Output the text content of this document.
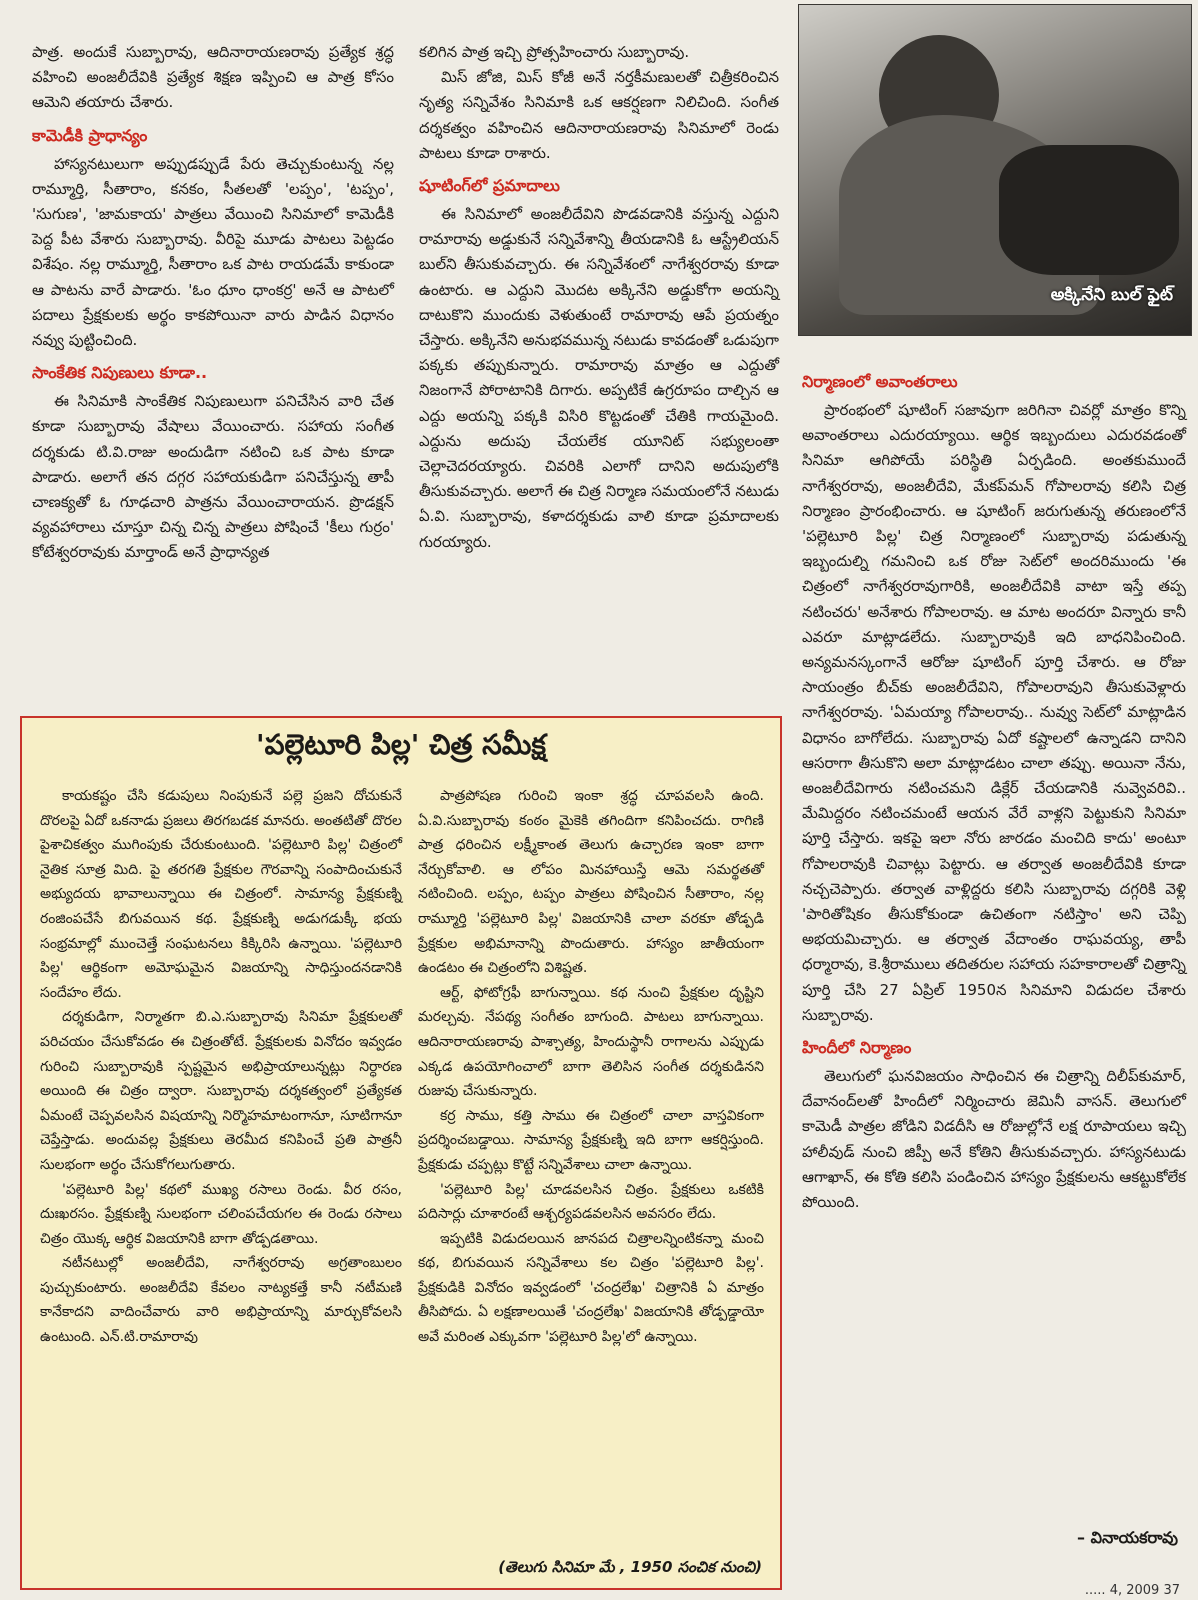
పాత్ర. అందుకే సుబ్బారావు, ఆదినారాయణరావు ప్రత్యేక శ్రద్ధ వహించి అంజలీదేవికి ప్రత్యేక శిక్షణ ఇప్పించి ఆ పాత్ర కోసం ఆమెని తయారు చేశారు.

కామెడీకి ప్రాధాన్యం

హాస్యనటులుగా అప్పుడప్పుడే పేరు తెచ్చుకుంటున్న నల్ల రామ్మూర్తి, సీతారాం, కనకం, సీతలతో 'లప్పం', 'టప్పం', 'సుగుణ', 'జామకాయ' పాత్రలు వేయించి సినిమాలో కామెడీకి పెద్ద పీట వేశారు సుబ్బారావు. వీరిపై మూడు పాటలు పెట్టడం విశేషం. నల్ల రామ్మూర్తి, సీతారాం ఒక పాట రాయడమే కాకుండా ఆ పాటను వారే పాడారు. 'ఓం ధూం ధాంకర్ర' అనే ఆ పాటలో పదాలు ప్రేక్షకులకు అర్థం కాకపోయినా వారు పాడిన విధానం నవ్వు పుట్టించింది.

సాంకేతిక నిపుణులు కూడా..

ఈ సినిమాకి సాంకేతిక నిపుణులుగా పనిచేసిన వారి చేత కూడా సుబ్బారావు వేషాలు వేయించారు. సహాయ సంగీత దర్శకుడు టి.వి.రాజు అందుడిగా నటించి ఒక పాట కూడా పాడారు. అలాగే తన దగ్గర సహాయకుడిగా పనిచేస్తున్న తాపీ చాణక్యతో ఓ గూఢచారి పాత్రను వేయించారాయన. ప్రొడక్షన్ వ్యవహారాలు చూస్తూ చిన్న చిన్న పాత్రలు పోషించే 'కీలు గుర్రం' కోటేశ్వరరావుకు మార్తాండ్ అనే ప్రాధాన్యత

కలిగిన పాత్ర ఇచ్చి ప్రోత్సహించారు సుబ్బారావు.

మిస్ జోజి, మిస్ కోజీ అనే నర్తకీమణులతో చిత్రీకరించిన నృత్య సన్నివేశం సినిమాకి ఒక ఆకర్షణగా నిలిచింది. సంగీత దర్శకత్వం వహించిన ఆదినారాయణరావు సినిమాలో రెండు పాటలు కూడా రాశారు.

షూటింగ్‌లో ప్రమాదాలు

ఈ సినిమాలో అంజలీదేవిని పొడవడానికి వస్తున్న ఎద్దుని రామారావు అడ్డుకునే సన్నివేశాన్ని తీయడానికి ఓ ఆస్ట్రేలియన్ బుల్‌ని తీసుకువచ్చారు. ఈ సన్నివేశంలో నాగేశ్వరరావు కూడా ఉంటారు. ఆ ఎద్దుని మొదట అక్కినేని అడ్డుకోగా అయన్ని దాటుకొని ముందుకు వెళుతుంటే రామారావు ఆపే ప్రయత్నం చేస్తారు. అక్కినేని అనుభవమున్న నటుడు కావడంతో ఒడుపుగా పక్కకు తప్పుకున్నారు. రామారావు మాత్రం ఆ ఎద్దుతో నిజంగానే పోరాటానికి దిగారు. అప్పటికే ఉగ్రరూపం దాల్చిన ఆ ఎద్దు అయన్ని పక్కకి విసిరి కొట్టడంతో చేతికి గాయమైంది. ఎద్దును అదుపు చేయలేక యూనిట్ సభ్యులంతా చెల్లాచెదరయ్యారు. చివరికి ఎలాగో దానిని అదుపులోకి తీసుకువచ్చారు. అలాగే ఈ చిత్ర నిర్మాణ సమయంలోనే నటుడు ఏ.వి. సుబ్బారావు, కళాదర్శకుడు వాలి కూడా ప్రమాదాలకు గురయ్యారు.

అక్కినేని బుల్ ఫైట్
నిర్మాణంలో అవాంతరాలు

ప్రారంభంలో షూటింగ్ సజావుగా జరిగినా చివర్లో మాత్రం కొన్ని అవాంతరాలు ఎదురయ్యాయి. ఆర్థిక ఇబ్బందులు ఎదురవడంతో సినిమా ఆగిపోయే పరిస్థితి ఏర్పడింది. అంతకుముందే నాగేశ్వరరావు, అంజలీదేవి, మేకప్‌మన్ గోపాలరావు కలిసి చిత్ర నిర్మాణం ప్రారంభించారు. ఆ షూటింగ్ జరుగుతున్న తరుణంలోనే 'పల్లెటూరి పిల్ల' చిత్ర నిర్మాణంలో సుబ్బారావు పడుతున్న ఇబ్బందుల్ని గమనించి ఒక రోజు సెట్‌లో అందరిముందు 'ఈ చిత్రంలో నాగేశ్వరరావుగారికి, అంజలీదేవికి వాటా ఇస్తే తప్ప నటించరు' అనేశారు గోపాలరావు. ఆ మాట అందరూ విన్నారు కానీ ఎవరూ మాట్లాడలేదు. సుబ్బారావుకి ఇది బాధనిపించింది. అన్యమనస్కంగానే ఆరోజు షూటింగ్ పూర్తి చేశారు. ఆ రోజు సాయంత్రం బీచ్‌కు అంజలీదేవిని, గోపాలరావుని తీసుకువెళ్లారు నాగేశ్వరరావు. 'ఏమయ్యా గోపాలరావు.. నువ్వు సెట్‌లో మాట్లాడిన విధానం బాగోలేదు. సుబ్బారావు ఏదో కష్టాలలో ఉన్నాడని దానిని ఆసరాగా తీసుకొని అలా మాట్లాడటం చాలా తప్పు. అయినా నేను, అంజలీదేవిగారు నటించమని డిక్లేర్ చేయడానికి నువ్వెవరివి.. మేమిద్దరం నటించమంటే ఆయన వేరే వాళ్లని పెట్టుకుని సినిమా పూర్తి చేస్తారు. ఇకపై ఇలా నోరు జారడం మంచిది కాదు' అంటూ గోపాలరావుకి చివాట్లు పెట్టారు. ఆ తర్వాత అంజలీదేవికి కూడా నచ్చచెప్పారు. తర్వాత వాళ్లిద్దరు కలిసి సుబ్బారావు దగ్గరికి వెళ్లి 'పారితోషికం తీసుకోకుండా ఉచితంగా నటిస్తాం' అని చెప్పి అభయమిచ్చారు. ఆ తర్వాత వేదాంతం రాఘవయ్య, తాపీ ధర్మారావు, కె.శ్రీరాములు తదితరుల సహాయ సహకారాలతో చిత్రాన్ని పూర్తి చేసి 27 ఏప్రిల్ 1950న సినిమాని విడుదల చేశారు సుబ్బారావు.

హిందీలో నిర్మాణం

తెలుగులో ఘనవిజయం సాధించిన ఈ చిత్రాన్ని దిలీప్‌కుమార్, దేవానంద్‌లతో హిందీలో నిర్మించారు జెమినీ వాసన్. తెలుగులో కామెడీ పాత్రల జోడిని విడదీసి ఆ రోజుల్లోనే లక్ష రూపాయలు ఇచ్చి హాలీవుడ్ నుంచి జిప్పీ అనే కోతిని తీసుకువచ్చారు. హాస్యనటుడు ఆగాఖాన్, ఈ కోతి కలిసి పండించిన హాస్యం ప్రేక్షకులను ఆకట్టుకోలేక పోయింది.

– వినాయకరావు
'పల్లెటూరి పిల్ల' చిత్ర సమీక్ష

కాయకష్టం చేసి కడుపులు నింపుకునే పల్లె ప్రజని దోచుకునే దొరలపై ఏదో ఒకనాడు ప్రజలు తిరగబడక మానరు. అంతటితో దొరల పైశాచికత్వం ముగింపుకు చేరుకుంటుంది. 'పల్లెటూరి పిల్ల' చిత్రంలో నైతిక సూత్ర మిది. పై తరగతి ప్రేక్షకుల గౌరవాన్ని సంపాదించుకునే అభ్యుదయ భావాలున్నాయి ఈ చిత్రంలో. సామాన్య ప్రేక్షకుణ్ని రంజింపచేసే బిగువయిన కథ. ప్రేక్షకుణ్ని అడుగడుక్కీ భయ సంభ్రమాల్లో ముంచెత్తే సంఘటనలు కిక్కిరిసి ఉన్నాయి. 'పల్లెటూరి పిల్ల' ఆర్థికంగా అమోఘమైన విజయాన్ని సాధిస్తుందనడానికి సందేహం లేదు.

దర్శకుడిగా, నిర్మాతగా బి.ఎ.సుబ్బారావు సినిమా ప్రేక్షకులతో పరిచయం చేసుకోవడం ఈ చిత్రంతోటే. ప్రేక్షకులకు వినోదం ఇవ్వడం గురించి సుబ్బారావుకి స్పష్టమైన అభిప్రాయాలున్నట్లు నిర్ధారణ అయింది ఈ చిత్రం ద్వారా. సుబ్బారావు దర్శకత్వంలో ప్రత్యేకత ఏమంటే చెప్పవలసిన విషయాన్ని నిర్మొహమాటంగానూ, సూటిగానూ చెప్తేస్తాడు. అందువల్ల ప్రేక్షకులు తెరమీద కనిపించే ప్రతి పాత్రనీ సులభంగా అర్థం చేసుకోగలుగుతారు.

'పల్లెటూరి పిల్ల' కథలో ముఖ్య రసాలు రెండు. వీర రసం, దుఃఖరసం. ప్రేక్షకుణ్ని సులభంగా చలింపచేయగల ఈ రెండు రసాలు చిత్రం యొక్క ఆర్థిక విజయానికి బాగా తోడ్పడతాయి.

నటీనటుల్లో అంజలీదేవి, నాగేశ్వరరావు అగ్రతాంబులం పుచ్చుకుంటారు. అంజలీదేవి కేవలం నాట్యకత్తే కానీ నటీమణి కానేకాదని వాదించేవారు వారి అభిప్రాయాన్ని మార్చుకోవలసి ఉంటుంది. ఎన్.టి.రామారావు

పాత్రపోషణ గురించి ఇంకా శ్రద్ధ చూపవలసి ఉంది. ఏ.వి.సుబ్బారావు కంఠం మైకెకి తగిందిగా కనిపించదు. రాగిణి పాత్ర ధరించిన లక్ష్మీకాంత తెలుగు ఉచ్చారణ ఇంకా బాగా నేర్చుకోవాలి. ఆ లోపం మినహాయిస్తే ఆమె సమర్థతతో నటించింది. లప్పం, టప్పం పాత్రలు పోషించిన సీతారాం, నల్ల రామ్మూర్తి 'పల్లెటూరి పిల్ల' విజయానికి చాలా వరకూ తోడ్పడి ప్రేక్షకుల అభిమానాన్ని పొందుతారు. హాస్యం జాతీయంగా ఉండటం ఈ చిత్రంలోని విశిష్టత.

ఆర్ట్, ఫోటోగ్రఫీ బాగున్నాయి. కథ నుంచి ప్రేక్షకుల దృష్టిని మరల్చవు. నేపథ్య సంగీతం బాగుంది. పాటలు బాగున్నాయి. ఆదినారాయణరావు పాశ్చాత్య, హిందుస్థానీ రాగాలను ఎప్పుడు ఎక్కడ ఉపయోగించాలో బాగా తెలిసిన సంగీత దర్శకుడినని రుజువు చేసుకున్నారు.

కర్ర సాము, కత్తి సాము ఈ చిత్రంలో చాలా వాస్తవికంగా ప్రదర్శించబడ్డాయి. సామాన్య ప్రేక్షకుణ్ని ఇది బాగా ఆకర్షిస్తుంది. ప్రేక్షకుడు చప్పట్లు కొట్టే సన్నివేశాలు చాలా ఉన్నాయి.

'పల్లెటూరి పిల్ల' చూడవలసిన చిత్రం. ప్రేక్షకులు ఒకటికి పదిసార్లు చూశారంటే ఆశ్చర్యపడవలసిన అవసరం లేదు.

ఇప్పటికి విడుదలయిన జానపద చిత్రాలన్నింటికన్నా మంచి కథ, బిగువయిన సన్నివేశాలు కల చిత్రం 'పల్లెటూరి పిల్ల'. ప్రేక్షకుడికి వినోదం ఇవ్వడంలో 'చంద్రలేఖ' చిత్రానికి ఏ మాత్రం తీసిపోదు. ఏ లక్షణాలయితే 'చంద్రలేఖ' విజయానికి తోడ్పడ్డాయో అవే మరింత ఎక్కువగా 'పల్లెటూరి పిల్ల'లో ఉన్నాయి.

(తెలుగు సినిమా మే , 1950 సంచిక నుంచి)
..... 4, 2009 37
